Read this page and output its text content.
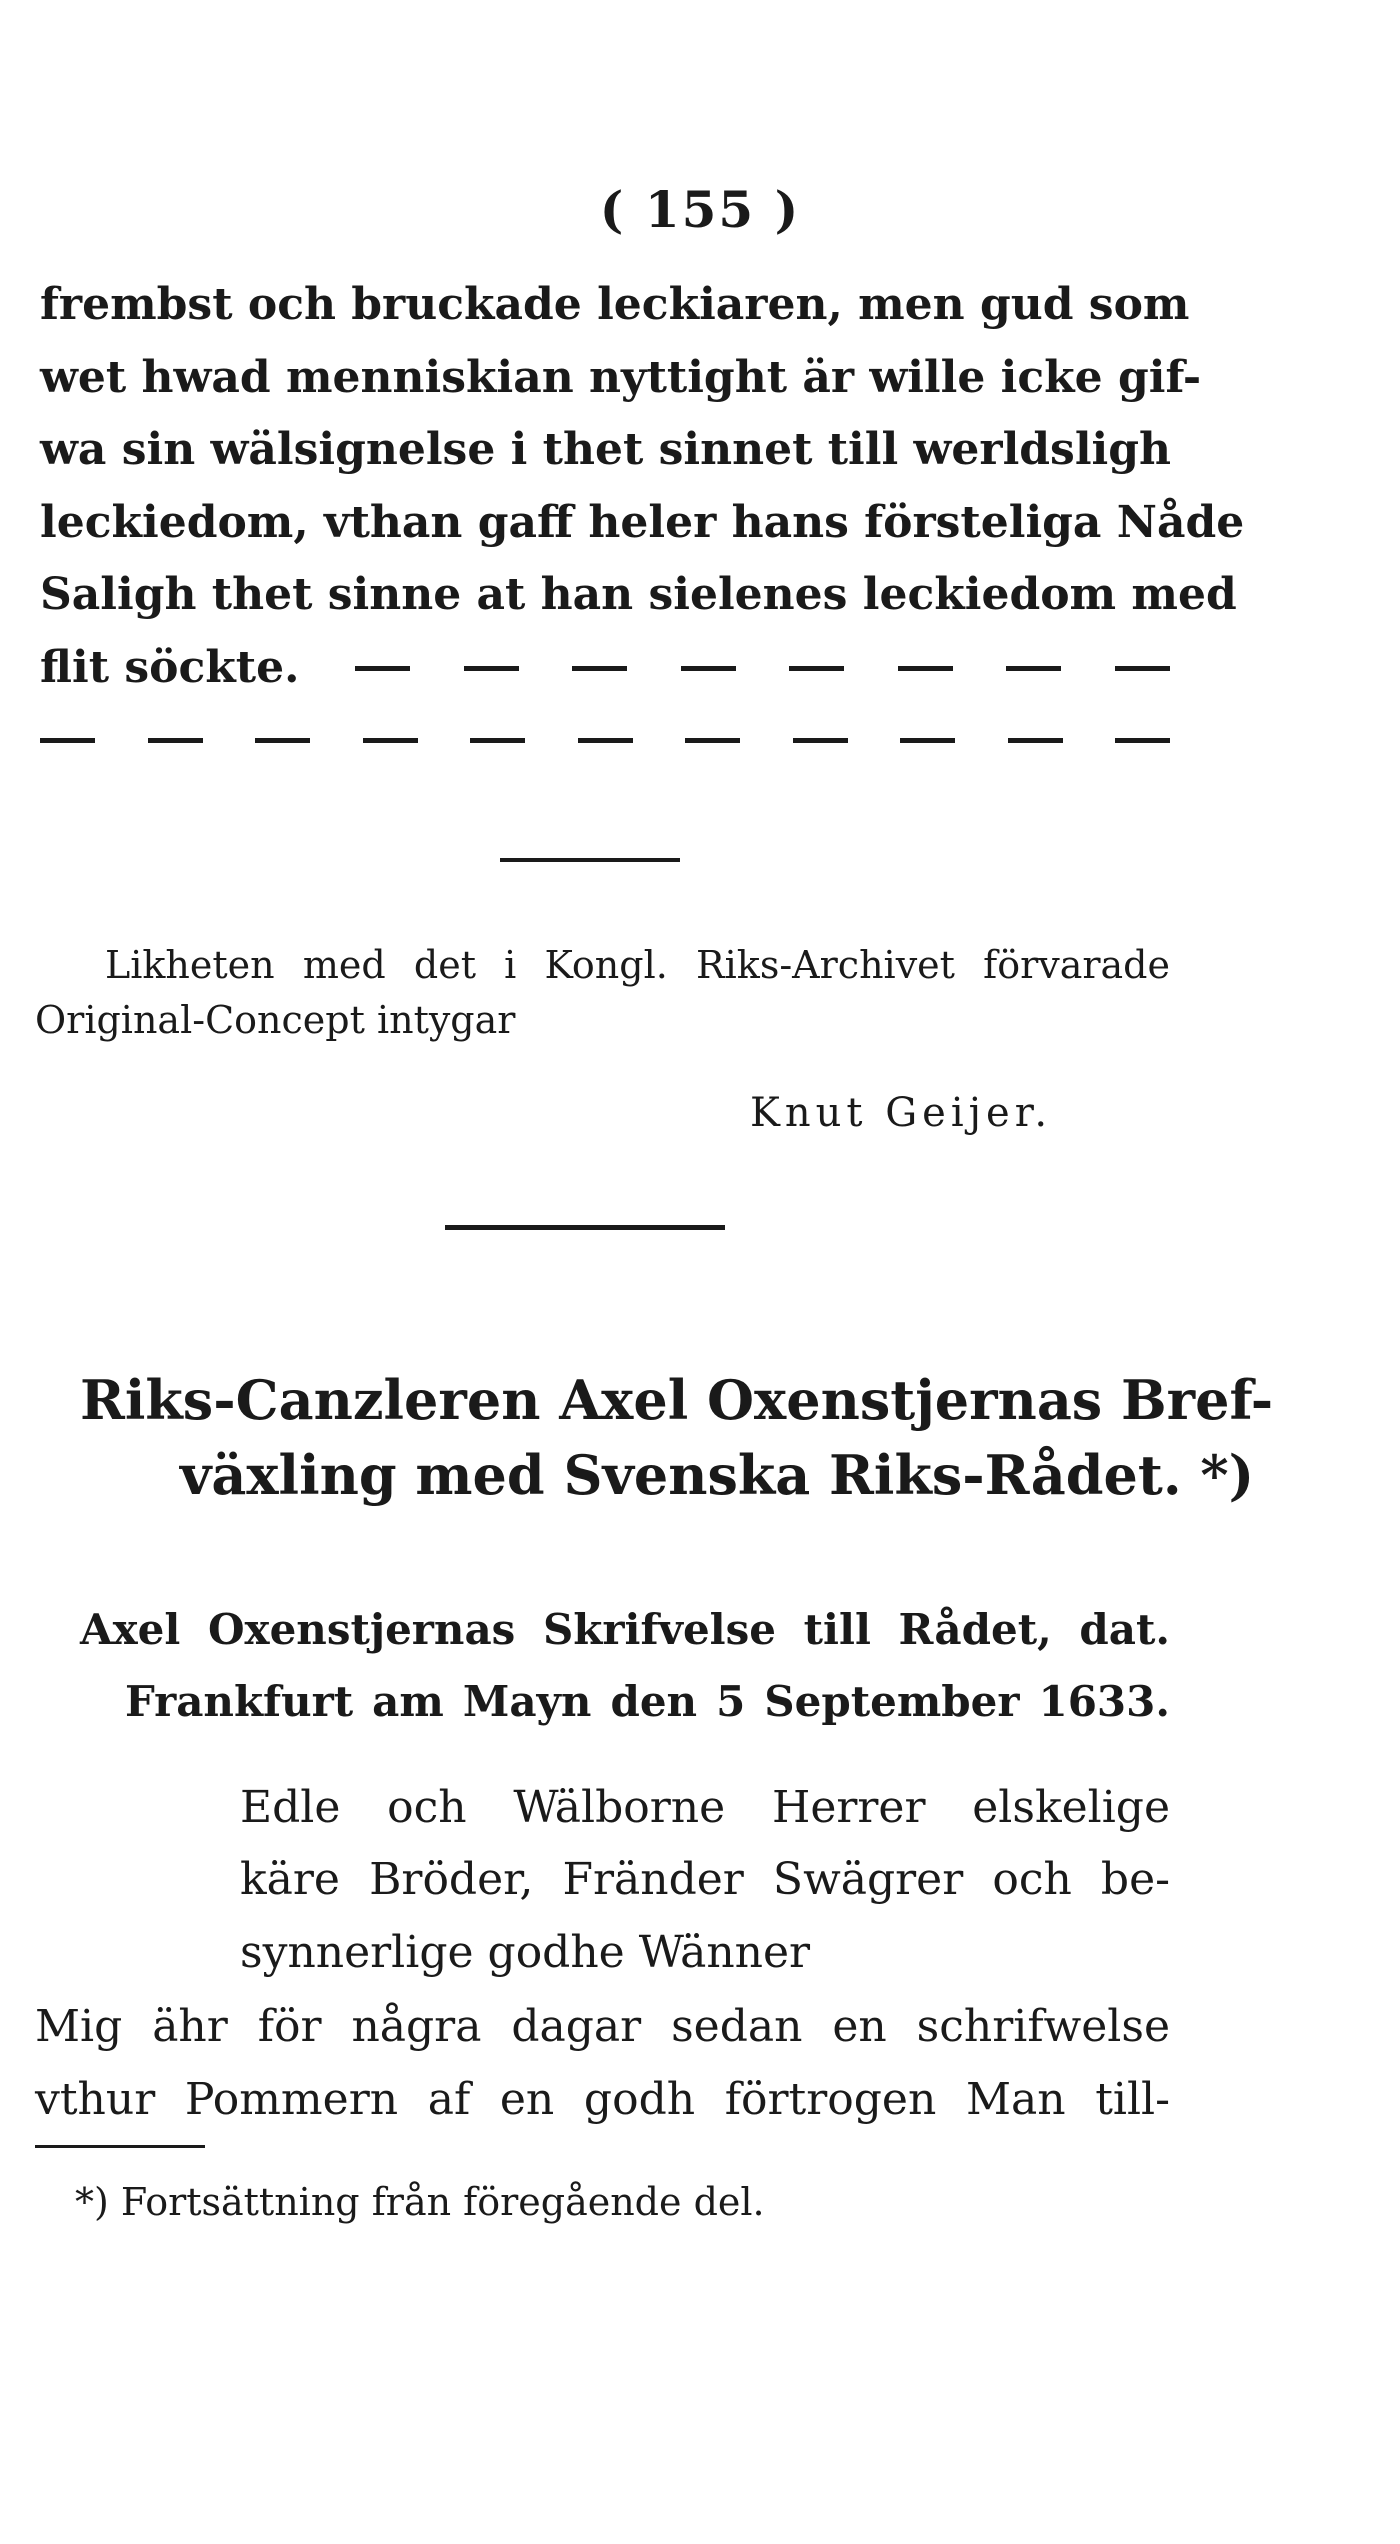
( 155 )
frembst och bruckade leckiaren, men gud som
wet hwad menniskian nyttight är wille icke gif-
wa sin wälsignelse i thet sinnet till werldsligh
leckiedom, vthan gaff heler hans försteliga Nåde
Saligh thet sinne at han sielenes leckiedom med
flit söckte.
Likheten med det i Kongl. Riks-Archivet förvarade
Original-Concept intygar
Knut Geijer.
Riks-Canzleren Axel Oxenstjernas Bref-
växling med Svenska Riks-Rådet. *)
Axel Oxenstjernas Skrifvelse till Rådet, dat.
Frankfurt am Mayn den 5 September 1633.
Edle och Wälborne Herrer elskelige
käre Bröder, Fränder Swägrer och be-
synnerlige godhe Wänner
Mig ähr för några dagar sedan en schrifwelse
vthur Pommern af en godh förtrogen Man till-
*) Fortsättning från föregående del.
